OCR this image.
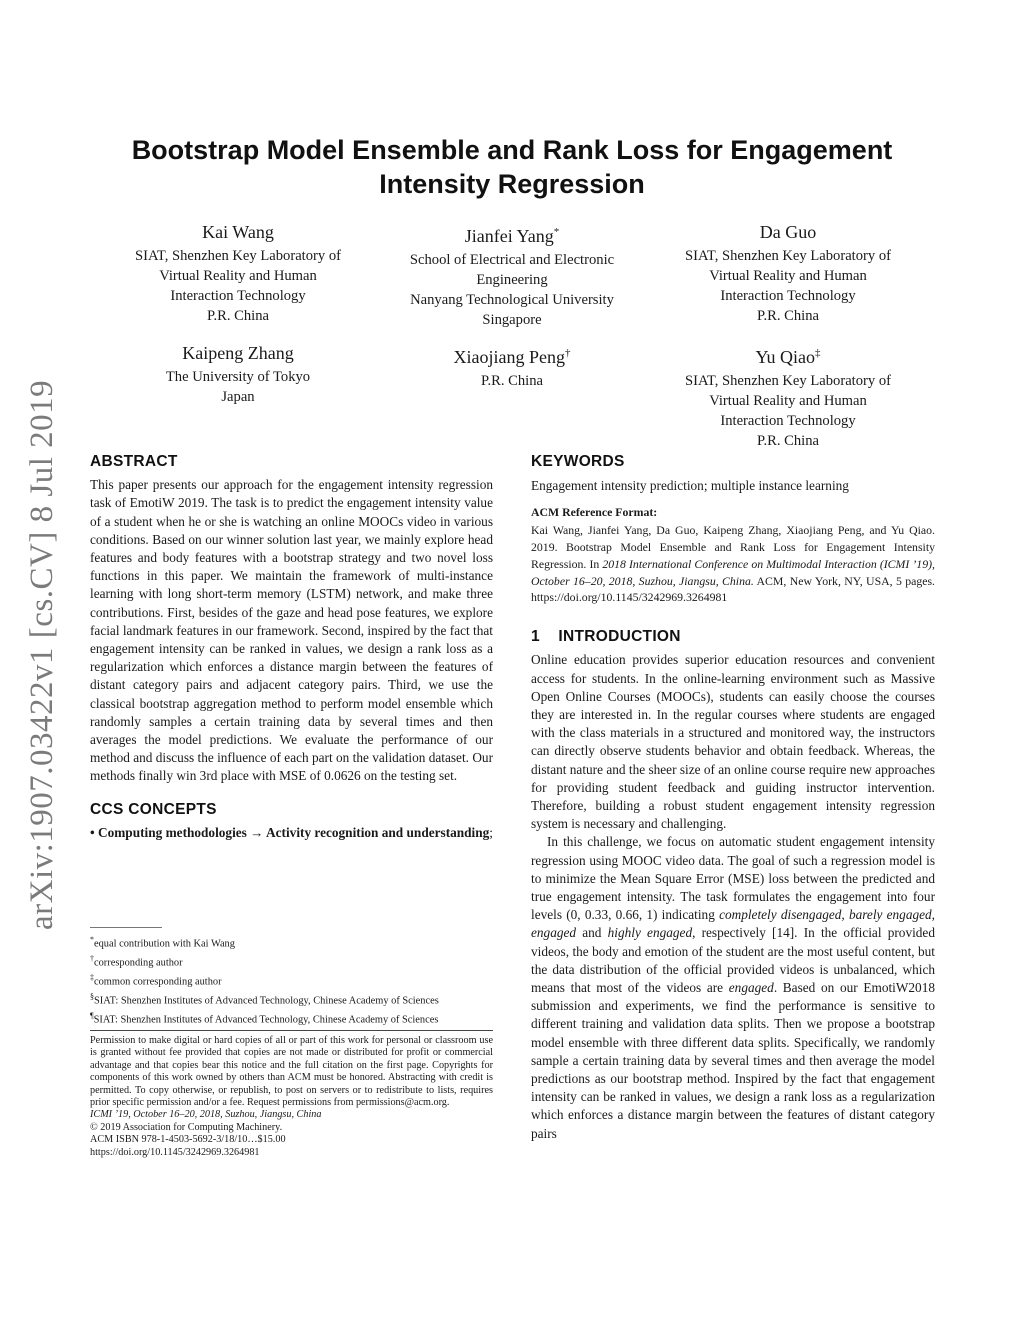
arXiv:1907.03422v1 [cs.CV] 8 Jul 2019
Bootstrap Model Ensemble and Rank Loss for Engagement
Intensity Regression
Kai Wang
SIAT, Shenzhen Key Laboratory of
Virtual Reality and Human
Interaction Technology
P.R. China
Jianfei Yang*
School of Electrical and Electronic
Engineering
Nanyang Technological University
Singapore
Da Guo
SIAT, Shenzhen Key Laboratory of
Virtual Reality and Human
Interaction Technology
P.R. China
Kaipeng Zhang
The University of Tokyo
Japan
Xiaojiang Peng†
P.R. China
Yu Qiao‡
SIAT, Shenzhen Key Laboratory of
Virtual Reality and Human
Interaction Technology
P.R. China
ABSTRACT

This paper presents our approach for the engagement intensity regression task of EmotiW 2019. The task is to predict the engagement intensity value of a student when he or she is watching an online MOOCs video in various conditions. Based on our winner solution last year, we mainly explore head features and body features with a bootstrap strategy and two novel loss functions in this paper. We maintain the framework of multi-instance learning with long short-term memory (LSTM) network, and make three contributions. First, besides of the gaze and head pose features, we explore facial landmark features in our framework. Second, inspired by the fact that engagement intensity can be ranked in values, we design a rank loss as a regularization which enforces a distance margin between the features of distant category pairs and adjacent category pairs. Third, we use the classical bootstrap aggregation method to perform model ensemble which randomly samples a certain training data by several times and then averages the model predictions. We evaluate the performance of our method and discuss the influence of each part on the validation dataset. Our methods finally win 3rd place with MSE of 0.0626 on the testing set.

CCS CONCEPTS

• Computing methodologies → Activity recognition and understanding;

*equal contribution with Kai Wang
†corresponding author
‡common corresponding author
§SIAT: Shenzhen Institutes of Advanced Technology, Chinese Academy of Sciences
¶SIAT: Shenzhen Institutes of Advanced Technology, Chinese Academy of Sciences

Permission to make digital or hard copies of all or part of this work for personal or classroom use is granted without fee provided that copies are not made or distributed for profit or commercial advantage and that copies bear this notice and the full citation on the first page. Copyrights for components of this work owned by others than ACM must be honored. Abstracting with credit is permitted. To copy otherwise, or republish, to post on servers or to redistribute to lists, requires prior specific permission and/or a fee. Request permissions from permissions@acm.org.

ICMI ’19, October 16–20, 2018, Suzhou, Jiangsu, China

© 2019 Association for Computing Machinery.

ACM ISBN 978-1-4503-5692-3/18/10…$15.00

https://doi.org/10.1145/3242969.3264981

KEYWORDS

Engagement intensity prediction; multiple instance learning

ACM Reference Format:

Kai Wang, Jianfei Yang, Da Guo, Kaipeng Zhang, Xiaojiang Peng, and Yu Qiao. 2019. Bootstrap Model Ensemble and Rank Loss for Engagement Intensity Regression. In 2018 International Conference on Multimodal Interaction (ICMI ’19), October 16–20, 2018, Suzhou, Jiangsu, China. ACM, New York, NY, USA, 5 pages. https://doi.org/10.1145/3242969.3264981

1 INTRODUCTION

Online education provides superior education resources and convenient access for students. In the online-learning environment such as Massive Open Online Courses (MOOCs), students can easily choose the courses they are interested in. In the regular courses where students are engaged with the class materials in a structured and monitored way, the instructors can directly observe students behavior and obtain feedback. Whereas, the distant nature and the sheer size of an online course require new approaches for providing student feedback and guiding instructor intervention. Therefore, building a robust student engagement intensity regression system is necessary and challenging.

In this challenge, we focus on automatic student engagement intensity regression using MOOC video data. The goal of such a regression model is to minimize the Mean Square Error (MSE) loss between the predicted and true engagement intensity. The task formulates the engagement into four levels (0, 0.33, 0.66, 1) indicating completely disengaged, barely engaged, engaged and highly engaged, respectively [14]. In the official provided videos, the body and emotion of the student are the most useful content, but the data distribution of the official provided videos is unbalanced, which means that most of the videos are engaged. Based on our EmotiW2018 submission and experiments, we find the performance is sensitive to different training and validation data splits. Then we propose a bootstrap model ensemble with three different data splits. Specifically, we randomly sample a certain training data by several times and then average the model predictions as our bootstrap method. Inspired by the fact that engagement intensity can be ranked in values, we design a rank loss as a regularization which enforces a distance margin between the features of distant category pairs
